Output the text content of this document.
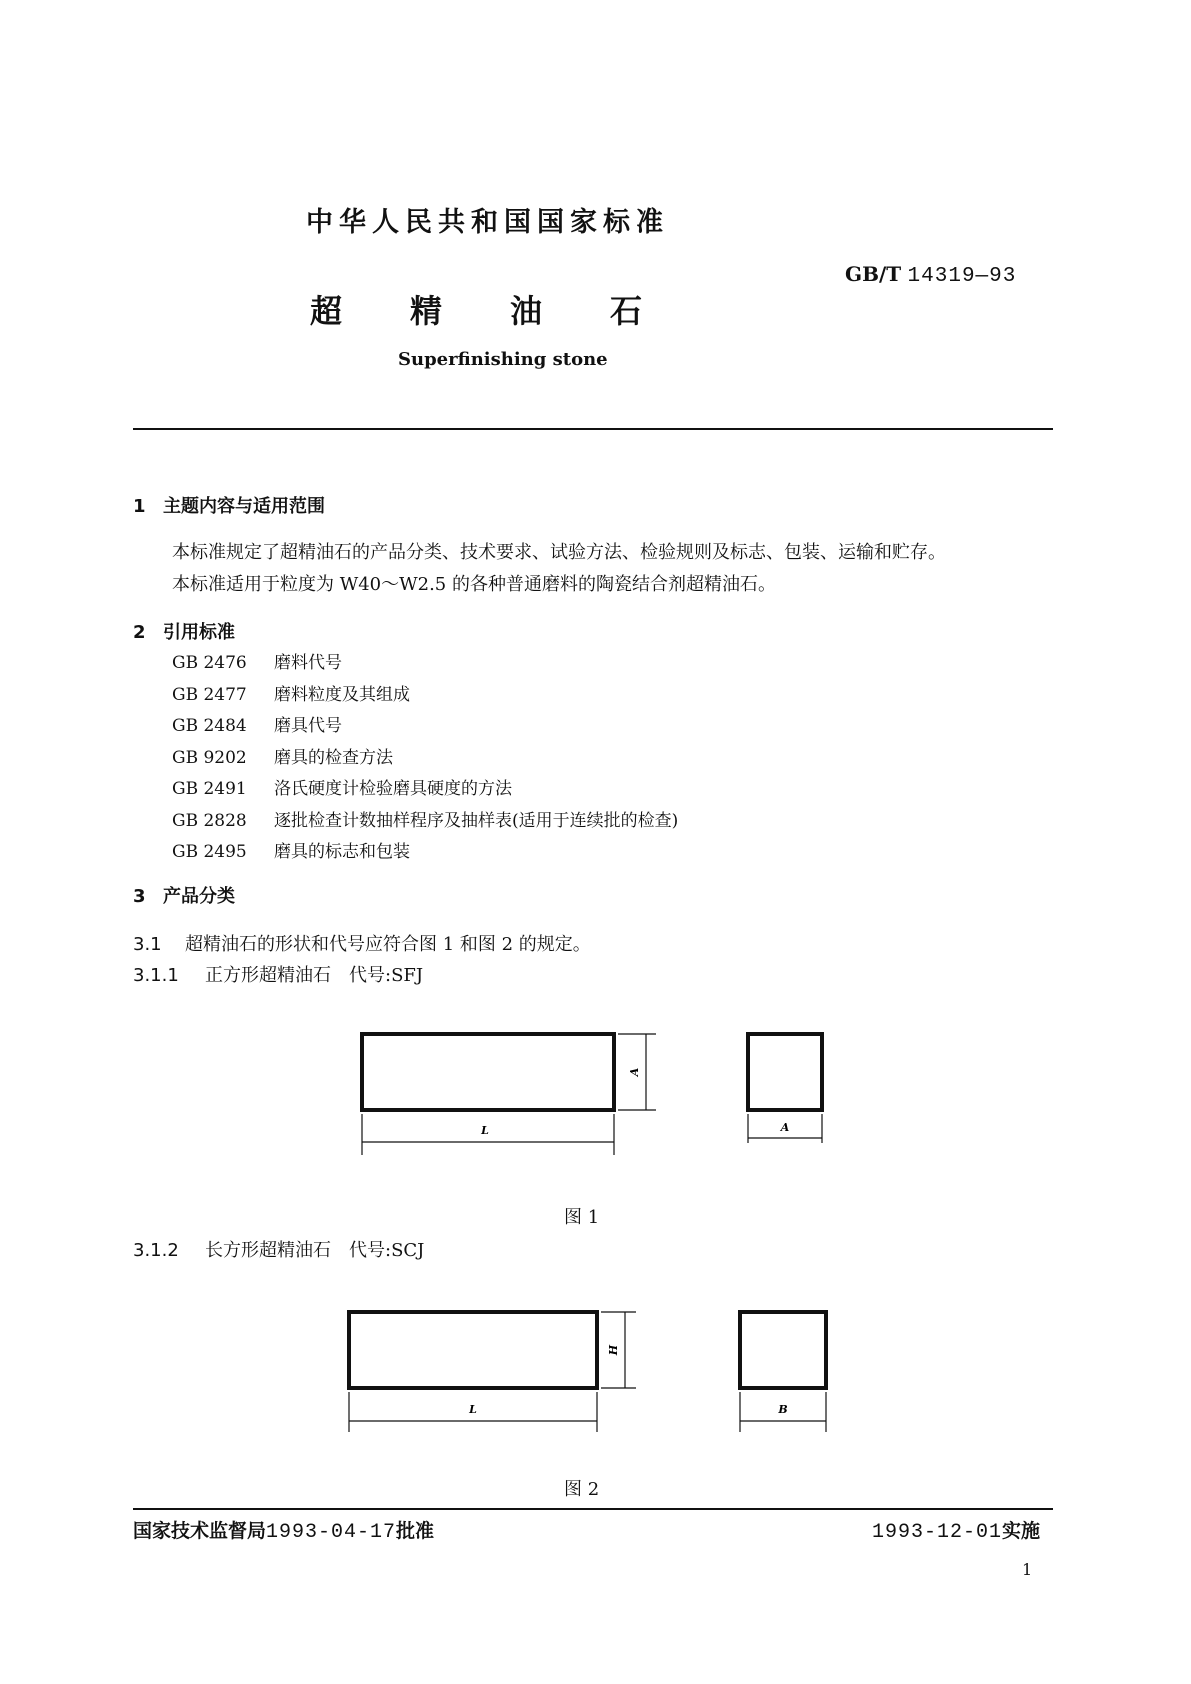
中华人民共和国国家标准
GB/T 14319—93
超 精 油 石
Superfinishing stone
1 主题内容与适用范围
本标准规定了超精油石的产品分类、技术要求、试验方法、检验规则及标志、包装、运输和贮存。
本标准适用于粒度为 W40～W2.5 的各种普通磨料的陶瓷结合剂超精油石。
2 引用标准
GB 2476 磨料代号
GB 2477 磨料粒度及其组成
GB 2484 磨具代号
GB 9202 磨具的检查方法
GB 2491 洛氏硬度计检验磨具硬度的方法
GB 2828 逐批检查计数抽样程序及抽样表(适用于连续批的检查)
GB 2495 磨具的标志和包装
3 产品分类
3.1 超精油石的形状和代号应符合图 1 和图 2 的规定。
3.1.1 正方形超精油石　代号:SFJ
A
L	A
H
L	B
图 1
3.1.2 长方形超精油石　代号:SCJ
图 2
国家技术监督局1993-04-17批准	1993-12-01实施
1
